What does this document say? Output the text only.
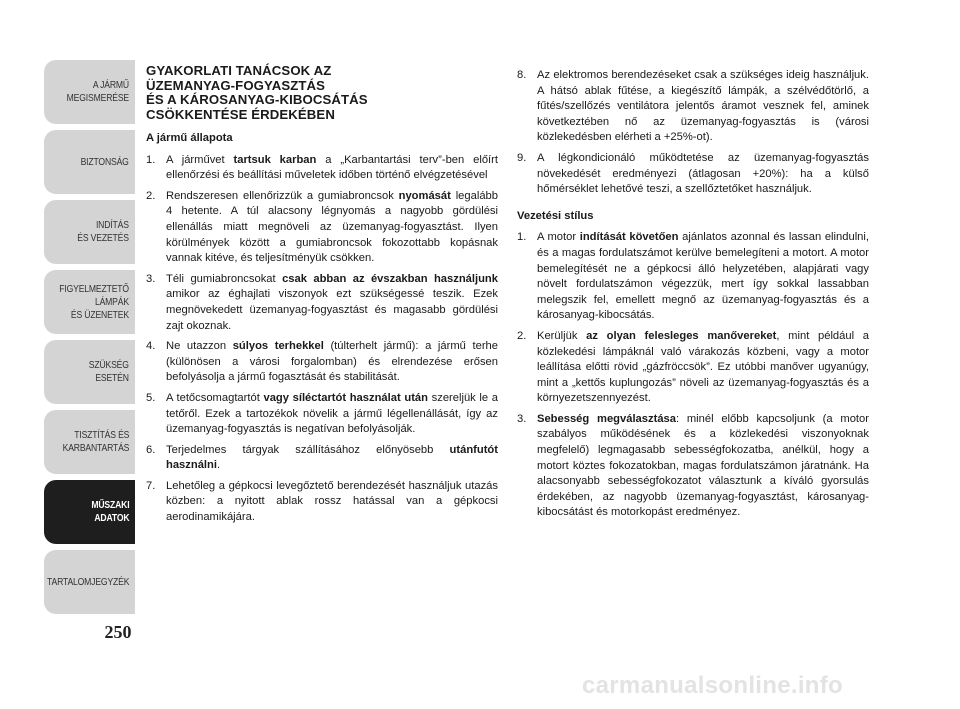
A JÁRMŰ
MEGISMERÉSE
BIZTONSÁG
INDÍTÁS
ÉS VEZETÉS
FIGYELMEZTETŐ
LÁMPÁK
ÉS ÜZENETEK
SZÜKSÉG
ESETÉN
TISZTÍTÁS ÉS
KARBANTARTÁS
MŰSZAKI
ADATOK
TARTALOMJEGYZÉK
250
GYAKORLATI TANÁCSOK AZ
ÜZEMANYAG-FOGYASZTÁS
ÉS A KÁROSANYAG-KIBOCSÁTÁS
CSÖKKENTÉSE ÉRDEKÉBEN
A jármű állapota
1. A járművet tartsuk karban a „Karbantartási terv”-ben előírt ellenőrzési és beállítási műveletek időben történő elvégzetésével
2. Rendszeresen ellenőrizzük a gumiabroncsok nyomását legalább 4 hetente. A túl alacsony légnyomás a nagyobb gördülési ellenállás miatt megnöveli az üzemanyag-fogyasztást. Ilyen körülmények között a gumiabroncsok fokozottabb kopásnak vannak kitéve, és teljesítményük csökken.
3. Téli gumiabroncsokat csak abban az évszakban használjunk amikor az éghajlati viszonyok ezt szükségessé teszik. Ezek megnövekedett üzemanyag-fogyasztást és magasabb gördülési zajt okoznak.
4. Ne utazzon súlyos terhekkel (túlterhelt jármű): a jármű terhe (különösen a városi forgalomban) és elrendezése erősen befolyásolja a jármű fogasztását és stabilitását.
5. A tetőcsomagtartót vagy síléctartót használat után szereljük le a tetőről. Ezek a tartozékok növelik a jármű légellenállását, így az üzemanyag-fogyasztás is negatívan befolyásolják.
6. Terjedelmes tárgyak szállításához előnyösebb utánfutót használni.
7. Lehetőleg a gépkocsi levegőztető berendezését használjuk utazás közben: a nyitott ablak rossz hatással van a gépkocsi aerodinamikájára.
8. Az elektromos berendezéseket csak a szükséges ideig használjuk. A hátsó ablak fűtése, a kiegészítő lámpák, a szélvédőtörlő, a fűtés/szellőzés ventilátora jelentős áramot vesznek fel, aminek következtében nő az üzemanyag-fogyasztás is (városi közlekedésben elérheti a +25%-ot).
9. A légkondicionáló működtetése az üzemanyag-fogyasztás növekedését eredményezi (átlagosan +20%): ha a külső hőmérséklet lehetővé teszi, a szellőztetőket használjuk.
Vezetési stílus
1. A motor indítását követően ajánlatos azonnal és lassan elindulni, és a magas fordulatszámot kerülve bemelegíteni a motort. A motor bemelegítését ne a gépkocsi álló helyzetében, alapjárati vagy növelt fordulatszámon végezzük, mert így sokkal lassabban melegszik fel, emellett megnő az üzemanyag-fogyasztás és a károsanyag-kibocsátás.
2. Kerüljük az olyan felesleges manővereket, mint például a közlekedési lámpáknál való várakozás közbeni, vagy a motor leállítása előtti rövid „gázfröccsök”. Ez utóbbi manőver ugyanúgy, mint a „kettős kuplungozás” növeli az üzemanyag-fogyasztás és a környezetszennyezést.
3. Sebesség megválasztása: minél előbb kapcsoljunk (a motor szabályos működésének és a közlekedési viszonyoknak megfelelő) legmagasabb sebességfokozatba, anélkül, hogy a motort köztes fokozatokban, magas fordulatszámon járatnánk. Ha alacsonyabb sebességfokozatot választunk a kíváló gyorsulás érdekében, az nagyobb üzemanyag-fogyasztást, károsanyag-kibocsátást és motorkopást eredményez.
carmanualsonline.info
